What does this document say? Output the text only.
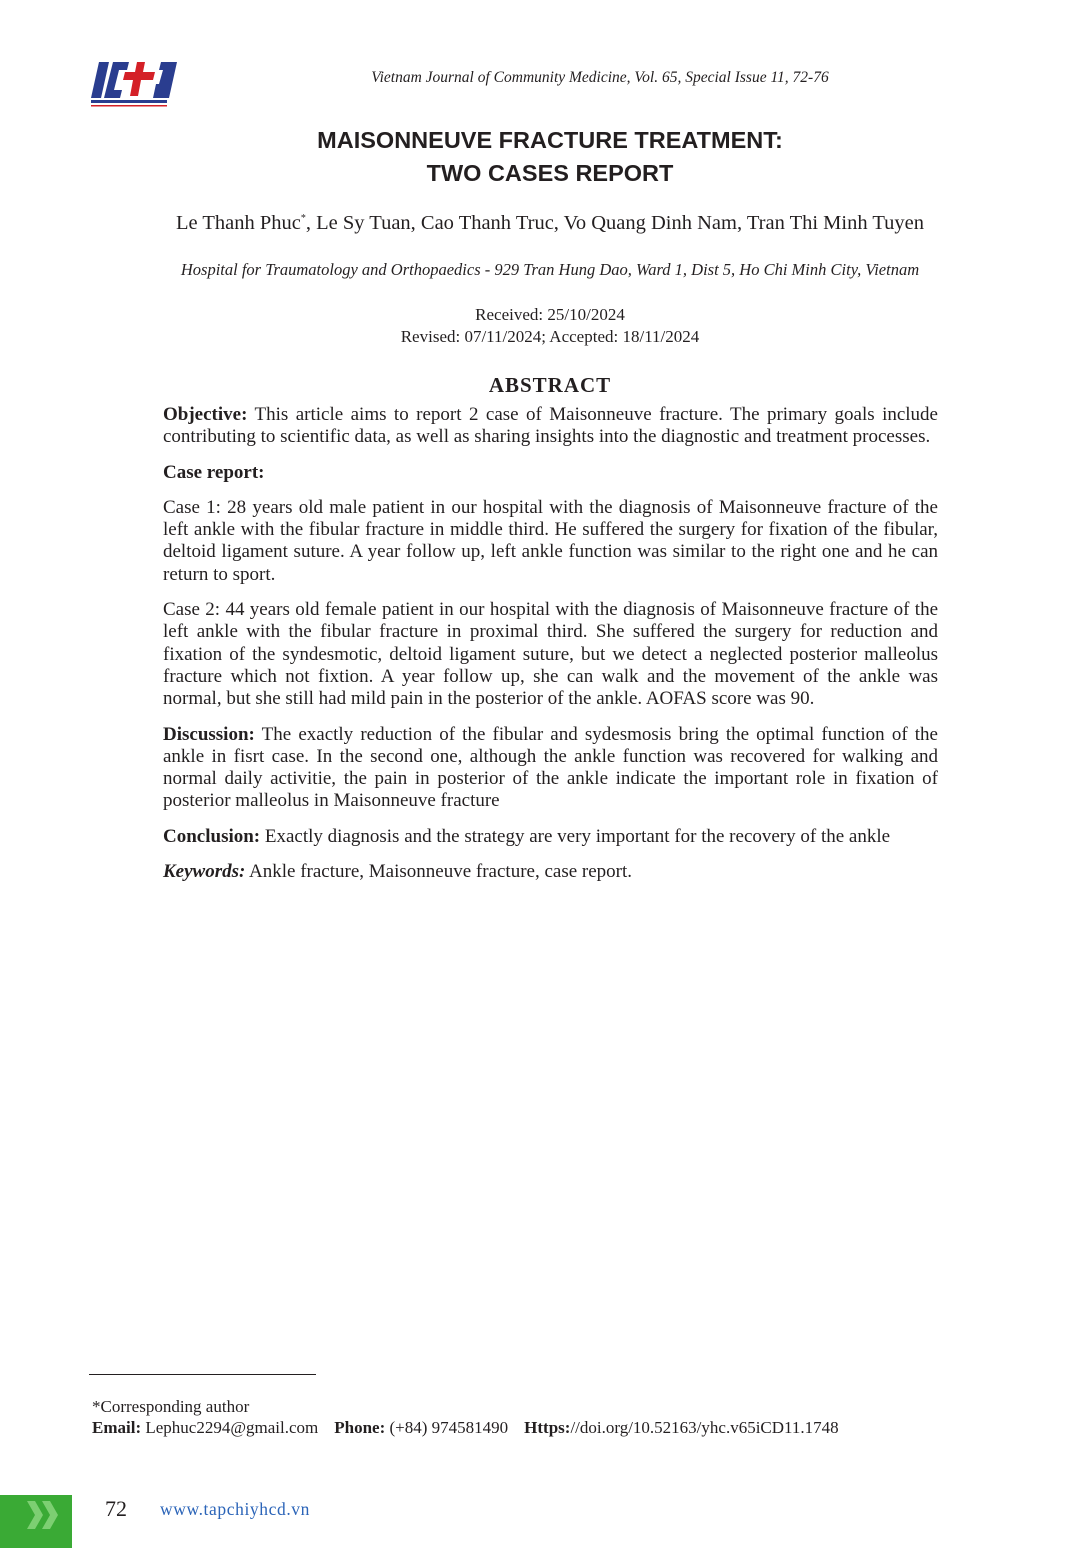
Vietnam Journal of Community Medicine, Vol. 65, Special Issue 11, 72-76
MAISONNEUVE FRACTURE TREATMENT:
TWO CASES REPORT
Le Thanh Phuc*, Le Sy Tuan, Cao Thanh Truc, Vo Quang Dinh Nam, Tran Thi Minh Tuyen
Hospital for Traumatology and Orthopaedics - 929 Tran Hung Dao, Ward 1, Dist 5, Ho Chi Minh City, Vietnam
Received: 25/10/2024
Revised: 07/11/2024; Accepted: 18/11/2024
ABSTRACT

Objective: This article aims to report 2 case of Maisonneuve fracture. The primary goals include contributing to scientific data, as well as sharing insights into the diagnostic and treatment processes.

Case report:

Case 1: 28 years old male patient in our hospital with the diagnosis of Maisonneuve fracture of the left ankle with the fibular fracture in middle third. He suffered the surgery for fixation of the fibular, deltoid ligament suture. A year follow up, left ankle function was similar to the right one and he can return to sport.

Case 2: 44 years old female patient in our hospital with the diagnosis of Maisonneuve fracture of the left ankle with the fibular fracture in proximal third. She suffered the surgery for reduction and fixation of the syndesmotic, deltoid ligament suture, but we detect a neglected posterior malleolus fracture which not fixtion. A year follow up, she can walk and the movement of the ankle was normal, but she still had mild pain in the posterior of the ankle. AOFAS score was 90.

Discussion: The exactly reduction of the fibular and sydesmosis bring the optimal function of the ankle in fisrt case. In the second one, although the ankle function was recovered for walking and normal daily activitie, the pain in posterior of the ankle indicate the important role in fixation of posterior malleolus in Maisonneuve fracture

Conclusion: Exactly diagnosis and the strategy are very important for the recovery of the ankle

Keywords: Ankle fracture, Maisonneuve fracture, case report.

*Corresponding author
Email: Lephuc2294@gmail.com Phone: (+84) 974581490 Https://doi.org/10.52163/yhc.v65iCD11.1748
72 www.tapchiyhcd.vn
